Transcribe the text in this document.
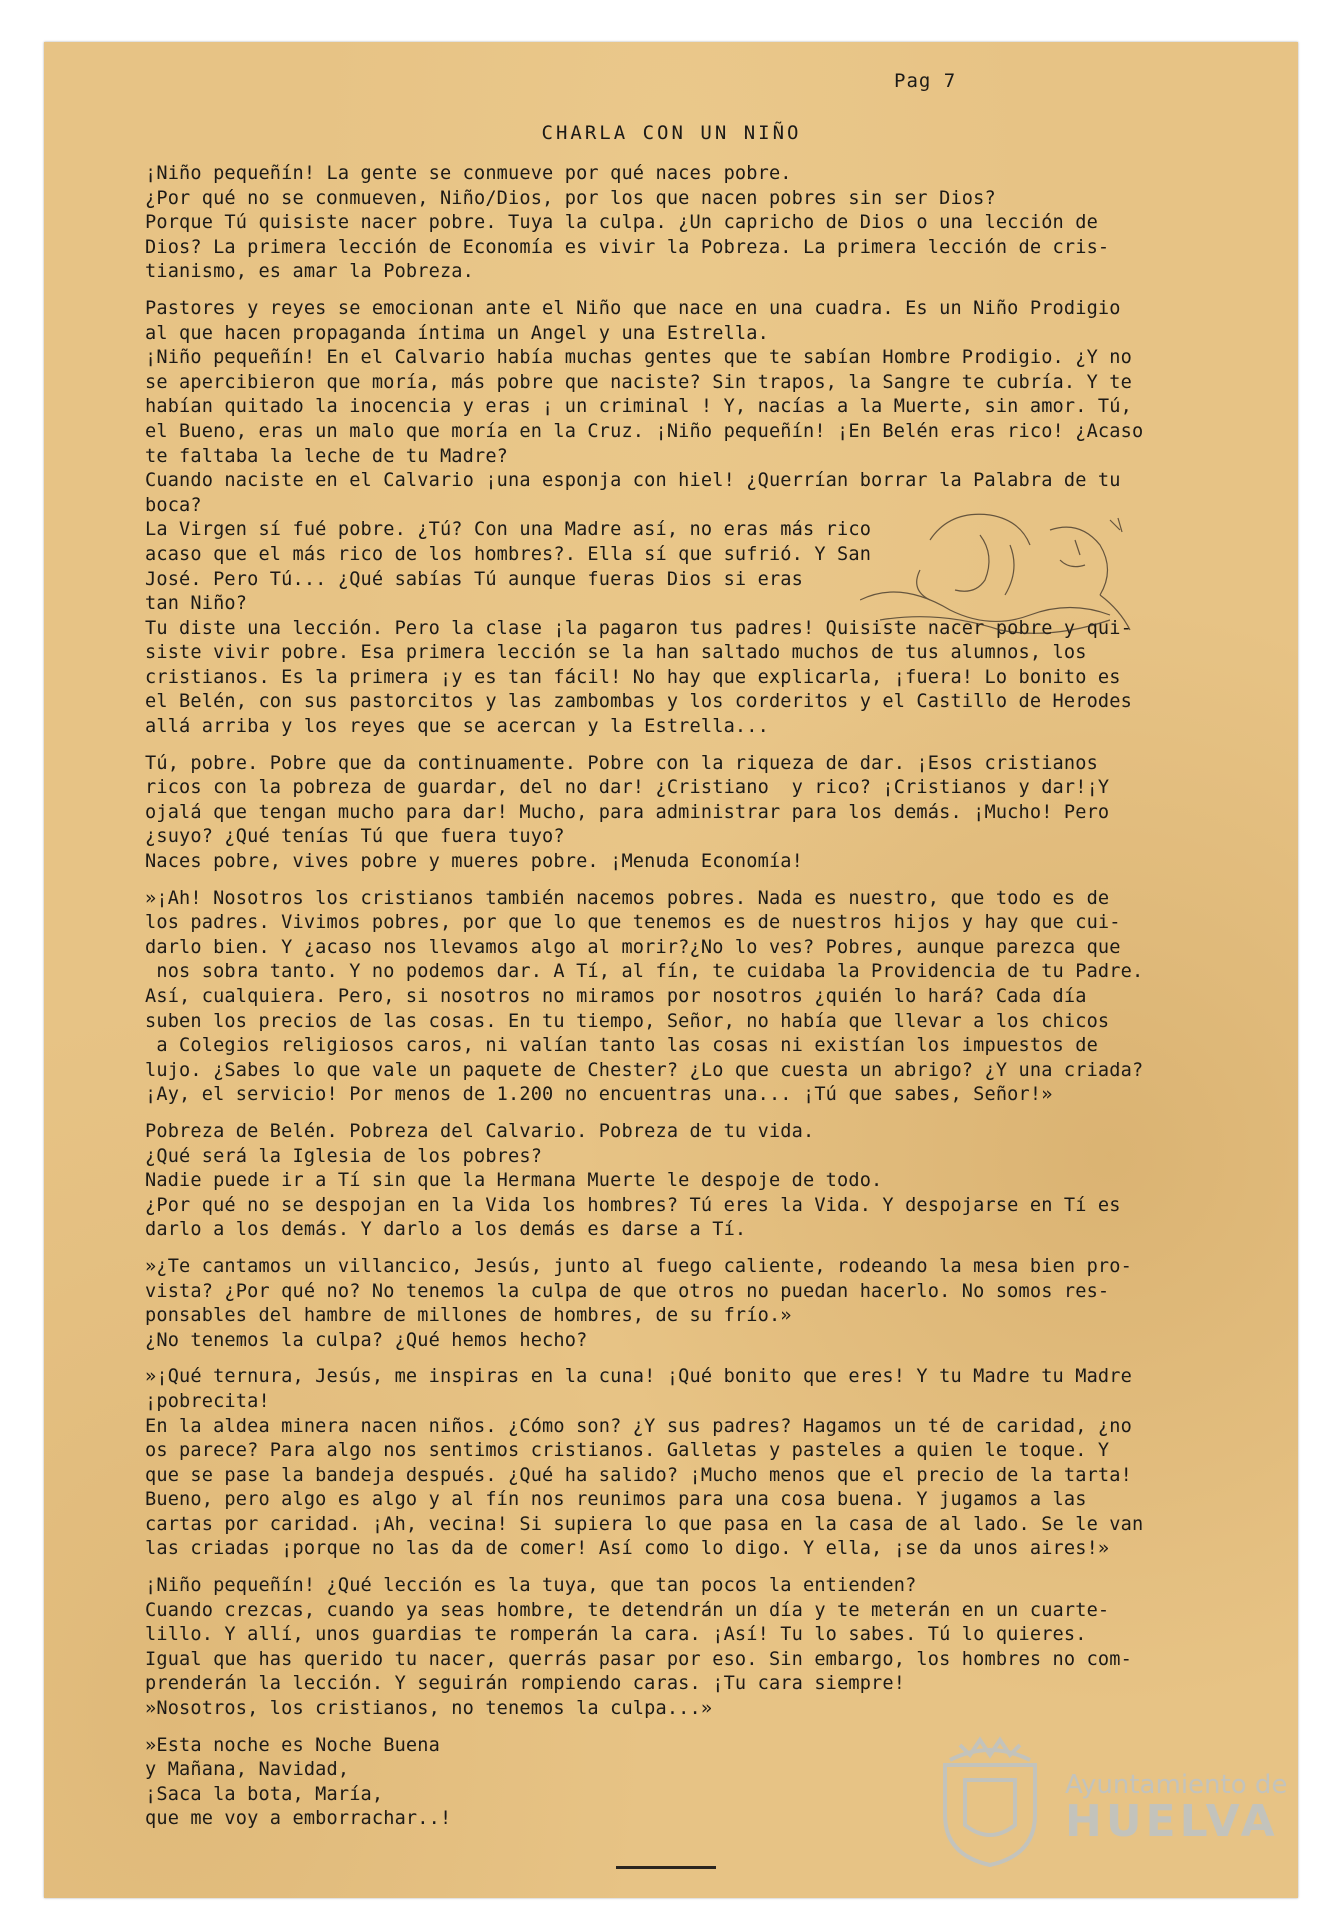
Pag 7
CHARLA CON UN NIÑO

¡Niño pequeñín! La gente se conmueve por qué naces pobre.
¿Por qué no se conmueven, Niño/Dios, por los que nacen pobres sin ser Dios?
Porque Tú quisiste nacer pobre. Tuya la culpa. ¿Un capricho de Dios o una lección de
Dios? La primera lección de Economía es vivir la Pobreza. La primera lección de cris-
tianismo, es amar la Pobreza.

Pastores y reyes se emocionan ante el Niño que nace en una cuadra. Es un Niño Prodigio
al que hacen propaganda íntima un Angel y una Estrella.
¡Niño pequeñín! En el Calvario había muchas gentes que te sabían Hombre Prodigio. ¿Y no
se apercibieron que moría, más pobre que naciste? Sin trapos, la Sangre te cubría. Y te
habían quitado la inocencia y eras ¡ un criminal ! Y, nacías a la Muerte, sin amor. Tú,
el Bueno, eras un malo que moría en la Cruz. ¡Niño pequeñín! ¡En Belén eras rico! ¿Acaso
te faltaba la leche de tu Madre?
Cuando naciste en el Calvario ¡una esponja con hiel! ¿Querrían borrar la Palabra de tu
boca?
La Virgen sí fué pobre. ¿Tú? Con una Madre así, no eras más rico
acaso que el más rico de los hombres?. Ella sí que sufrió. Y San
José. Pero Tú... ¿Qué sabías Tú aunque fueras Dios si eras
tan Niño?
Tu diste una lección. Pero la clase ¡la pagaron tus padres! Quisiste nacer pobre y qui-
siste vivir pobre. Esa primera lección se la han saltado muchos de tus alumnos, los
cristianos. Es la primera ¡y es tan fácil! No hay que explicarla, ¡fuera! Lo bonito es
el Belén, con sus pastorcitos y las zambombas y los corderitos y el Castillo de Herodes
allá arriba y los reyes que se acercan y la Estrella...

Tú, pobre. Pobre que da continuamente. Pobre con la riqueza de dar. ¡Esos cristianos
ricos con la pobreza de guardar, del no dar! ¿Cristiano  y rico? ¡Cristianos y dar!¡Y
ojalá que tengan mucho para dar! Mucho, para administrar para los demás. ¡Mucho! Pero
¿suyo? ¿Qué tenías Tú que fuera tuyo?
Naces pobre, vives pobre y mueres pobre. ¡Menuda Economía!

»¡Ah! Nosotros los cristianos también nacemos pobres. Nada es nuestro, que todo es de
los padres. Vivimos pobres, por que lo que tenemos es de nuestros hijos y hay que cui-
darlo bien. Y ¿acaso nos llevamos algo al morir?¿No lo ves? Pobres, aunque parezca que
nos sobra tanto. Y no podemos dar. A Tí, al fín, te cuidaba la Providencia de tu Padre.
Así, cualquiera. Pero, si nosotros no miramos por nosotros ¿quién lo hará? Cada día
suben los precios de las cosas. En tu tiempo, Señor, no había que llevar a los chicos
a Colegios religiosos caros, ni valían tanto las cosas ni existían los impuestos de
lujo. ¿Sabes lo que vale un paquete de Chester? ¿Lo que cuesta un abrigo? ¿Y una criada?
¡Ay, el servicio! Por menos de 1.200 no encuentras una... ¡Tú que sabes, Señor!»

Pobreza de Belén. Pobreza del Calvario. Pobreza de tu vida.
¿Qué será la Iglesia de los pobres?
Nadie puede ir a Tí sin que la Hermana Muerte le despoje de todo.
¿Por qué no se despojan en la Vida los hombres? Tú eres la Vida. Y despojarse en Tí es
darlo a los demás. Y darlo a los demás es darse a Tí.

»¿Te cantamos un villancico, Jesús, junto al fuego caliente, rodeando la mesa bien pro-
vista? ¿Por qué no? No tenemos la culpa de que otros no puedan hacerlo. No somos res-
ponsables del hambre de millones de hombres, de su frío.»
¿No tenemos la culpa? ¿Qué hemos hecho?

»¡Qué ternura, Jesús, me inspiras en la cuna! ¡Qué bonito que eres! Y tu Madre tu Madre
¡pobrecita!
En la aldea minera nacen niños. ¿Cómo son? ¿Y sus padres? Hagamos un té de caridad, ¿no
os parece? Para algo nos sentimos cristianos. Galletas y pasteles a quien le toque. Y
que se pase la bandeja después. ¿Qué ha salido? ¡Mucho menos que el precio de la tarta!
Bueno, pero algo es algo y al fín nos reunimos para una cosa buena. Y jugamos a las
cartas por caridad. ¡Ah, vecina! Si supiera lo que pasa en la casa de al lado. Se le van
las criadas ¡porque no las da de comer! Así como lo digo. Y ella, ¡se da unos aires!»

¡Niño pequeñín! ¿Qué lección es la tuya, que tan pocos la entienden?
Cuando crezcas, cuando ya seas hombre, te detendrán un día y te meterán en un cuarte-
lillo. Y allí, unos guardias te romperán la cara. ¡Así! Tu lo sabes. Tú lo quieres.
Igual que has querido tu nacer, querrás pasar por eso. Sin embargo, los hombres no com-
prenderán la lección. Y seguirán rompiendo caras. ¡Tu cara siempre!
»Nosotros, los cristianos, no tenemos la culpa...»

»Esta noche es Noche Buena
y Mañana, Navidad,
¡Saca la bota, María,
que me voy a emborrachar..!

Ayuntamiento de
HUELVA
